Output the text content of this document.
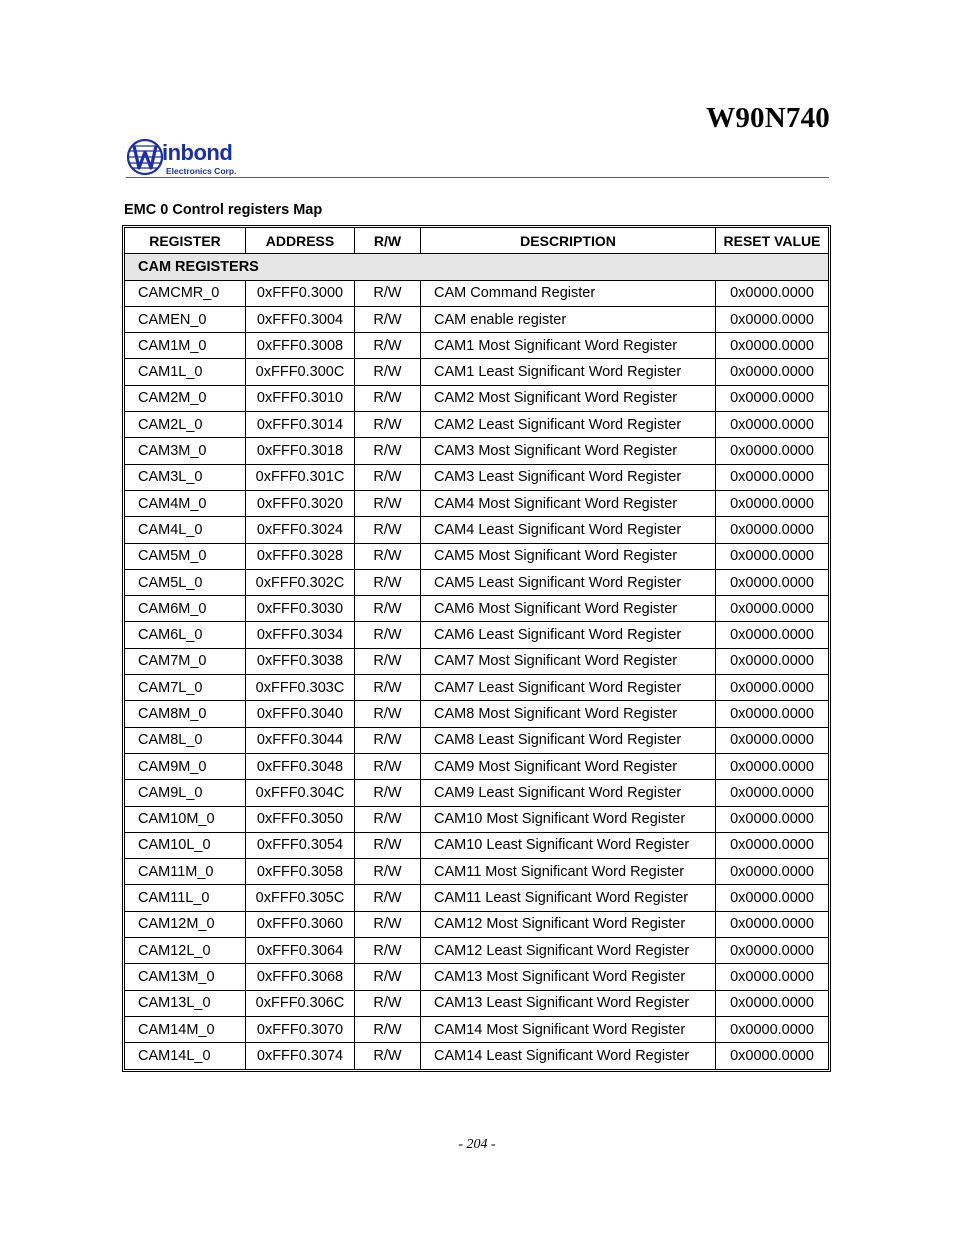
W90N740
inbond
Electronics Corp.
EMC 0 Control registers Map
REGISTER	ADDRESS	R/W	DESCRIPTION	RESET VALUE
CAM REGISTERS				
CAMCMR_0	0xFFF0.3000	R/W	CAM Command Register	0x0000.0000
CAMEN_0	0xFFF0.3004	R/W	CAM enable register	0x0000.0000
CAM1M_0	0xFFF0.3008	R/W	CAM1 Most Significant Word Register	0x0000.0000
CAM1L_0	0xFFF0.300C	R/W	CAM1 Least Significant Word Register	0x0000.0000
CAM2M_0	0xFFF0.3010	R/W	CAM2 Most Significant Word Register	0x0000.0000
CAM2L_0	0xFFF0.3014	R/W	CAM2 Least Significant Word Register	0x0000.0000
CAM3M_0	0xFFF0.3018	R/W	CAM3 Most Significant Word Register	0x0000.0000
CAM3L_0	0xFFF0.301C	R/W	CAM3 Least Significant Word Register	0x0000.0000
CAM4M_0	0xFFF0.3020	R/W	CAM4 Most Significant Word Register	0x0000.0000
CAM4L_0	0xFFF0.3024	R/W	CAM4 Least Significant Word Register	0x0000.0000
CAM5M_0	0xFFF0.3028	R/W	CAM5 Most Significant Word Register	0x0000.0000
CAM5L_0	0xFFF0.302C	R/W	CAM5 Least Significant Word Register	0x0000.0000
CAM6M_0	0xFFF0.3030	R/W	CAM6 Most Significant Word Register	0x0000.0000
CAM6L_0	0xFFF0.3034	R/W	CAM6 Least Significant Word Register	0x0000.0000
CAM7M_0	0xFFF0.3038	R/W	CAM7 Most Significant Word Register	0x0000.0000
CAM7L_0	0xFFF0.303C	R/W	CAM7 Least Significant Word Register	0x0000.0000
CAM8M_0	0xFFF0.3040	R/W	CAM8 Most Significant Word Register	0x0000.0000
CAM8L_0	0xFFF0.3044	R/W	CAM8 Least Significant Word Register	0x0000.0000
CAM9M_0	0xFFF0.3048	R/W	CAM9 Most Significant Word Register	0x0000.0000
CAM9L_0	0xFFF0.304C	R/W	CAM9 Least Significant Word Register	0x0000.0000
CAM10M_0	0xFFF0.3050	R/W	CAM10 Most Significant Word Register	0x0000.0000
CAM10L_0	0xFFF0.3054	R/W	CAM10 Least Significant Word Register	0x0000.0000
CAM11M_0	0xFFF0.3058	R/W	CAM11 Most Significant Word Register	0x0000.0000
CAM11L_0	0xFFF0.305C	R/W	CAM11 Least Significant Word Register	0x0000.0000
CAM12M_0	0xFFF0.3060	R/W	CAM12 Most Significant Word Register	0x0000.0000
CAM12L_0	0xFFF0.3064	R/W	CAM12 Least Significant Word Register	0x0000.0000
CAM13M_0	0xFFF0.3068	R/W	CAM13 Most Significant Word Register	0x0000.0000
CAM13L_0	0xFFF0.306C	R/W	CAM13 Least Significant Word Register	0x0000.0000
CAM14M_0	0xFFF0.3070	R/W	CAM14 Most Significant Word Register	0x0000.0000
CAM14L_0	0xFFF0.3074	R/W	CAM14 Least Significant Word Register	0x0000.0000
- 204 -
